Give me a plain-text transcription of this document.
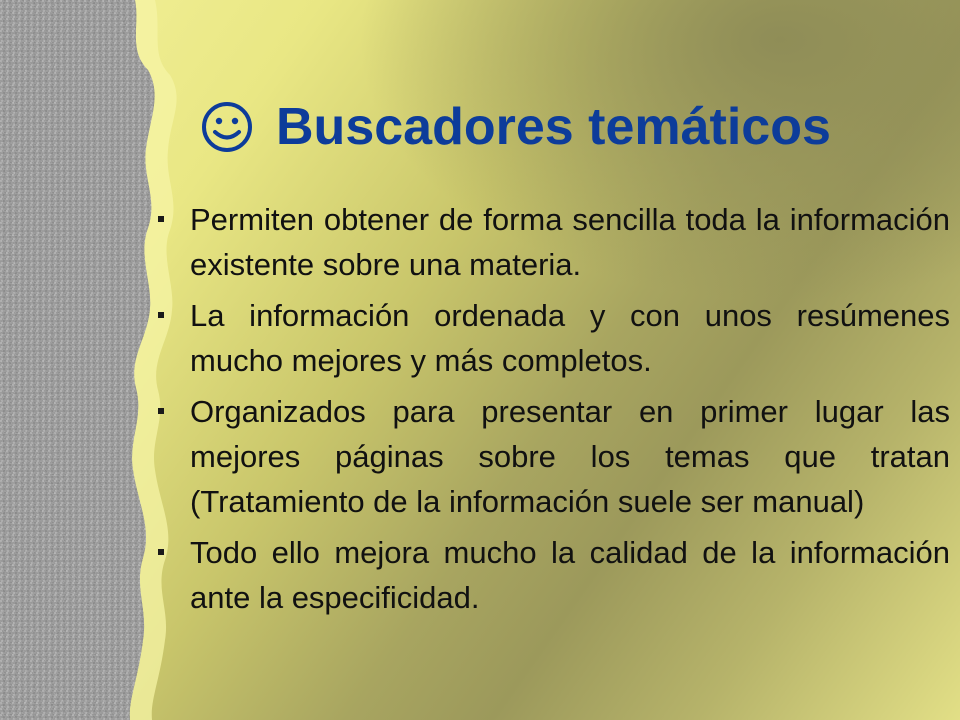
Buscadores temáticos
Permiten obtener de forma sencilla toda la información existente sobre una materia.
La información ordenada y con unos resúmenes mucho mejores y más completos.
Organizados para presentar en primer lugar las mejores páginas sobre los temas que tratan (Tratamiento de la información suele ser manual)
Todo ello mejora mucho la calidad de la información ante la especificidad.
